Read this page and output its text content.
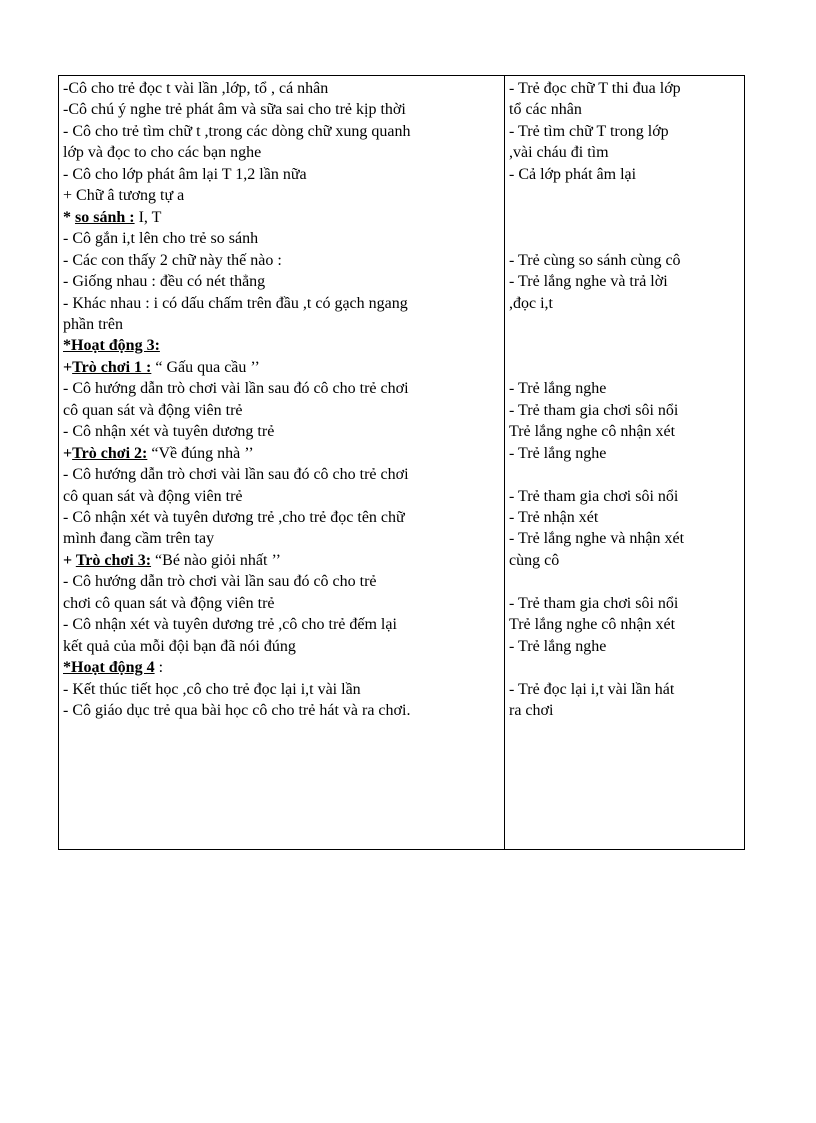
-Cô cho trẻ đọc t vài lần ,lớp, tổ , cá nhân
-Cô chú ý nghe trẻ phát âm và sữa sai cho trẻ kịp thời
- Cô cho trẻ tìm chữ t ,trong các dòng chữ xung quanh
lớp và đọc to cho các bạn nghe
- Cô cho lớp phát âm lại T 1,2 lần nữa
+ Chữ â tương tự a
* so sánh : I, T
- Cô gắn i,t lên cho trẻ so sánh
- Các con thấy 2 chữ này thế nào :
- Giống nhau : đều có nét thẳng
- Khác nhau : i có dấu chấm trên đầu ,t có gạch ngang
phần trên
*Hoạt động 3:
+Trò chơi 1 : “ Gấu qua cầu ’’
- Cô hướng dẫn trò chơi vài lần sau đó cô cho trẻ chơi
cô quan sát và động viên trẻ
- Cô nhận xét và tuyên dương trẻ
+Trò chơi 2: “Về đúng nhà ’’
- Cô hướng dẫn trò chơi vài lần sau đó cô cho trẻ chơi
cô quan sát và động viên trẻ
- Cô nhận xét và tuyên dương trẻ ,cho trẻ đọc tên chữ
mình đang cầm trên tay
+ Trò chơi 3: “Bé nào giỏi nhất ’’
- Cô hướng dẫn trò chơi vài lần sau đó cô cho trẻ
chơi cô quan sát và động viên trẻ
- Cô nhận xét và tuyên dương trẻ ,cô cho trẻ đếm lại
kết quả của mỗi đội bạn đã nói đúng
*Hoạt động 4 :
- Kết thúc tiết học ,cô cho trẻ đọc lại i,t vài lần
- Cô giáo dục trẻ qua bài học cô cho trẻ hát và ra chơi.
- Trẻ đọc chữ T thi đua lớp
tổ các nhân
- Trẻ tìm chữ T trong lớp
,vài cháu đi tìm
- Cả lớp phát âm lại
- Trẻ cùng so sánh cùng cô
- Trẻ lắng nghe và trả lời
,đọc i,t
- Trẻ lắng nghe
- Trẻ tham gia chơi sôi nổi
Trẻ lắng nghe cô nhận xét
- Trẻ lắng nghe
- Trẻ tham gia chơi sôi nổi
- Trẻ nhận xét
- Trẻ lắng nghe và nhận xét
cùng cô
- Trẻ tham gia chơi sôi nổi
Trẻ lắng nghe cô nhận xét
- Trẻ lắng nghe
- Trẻ đọc lại i,t vài lần hát
ra chơi
